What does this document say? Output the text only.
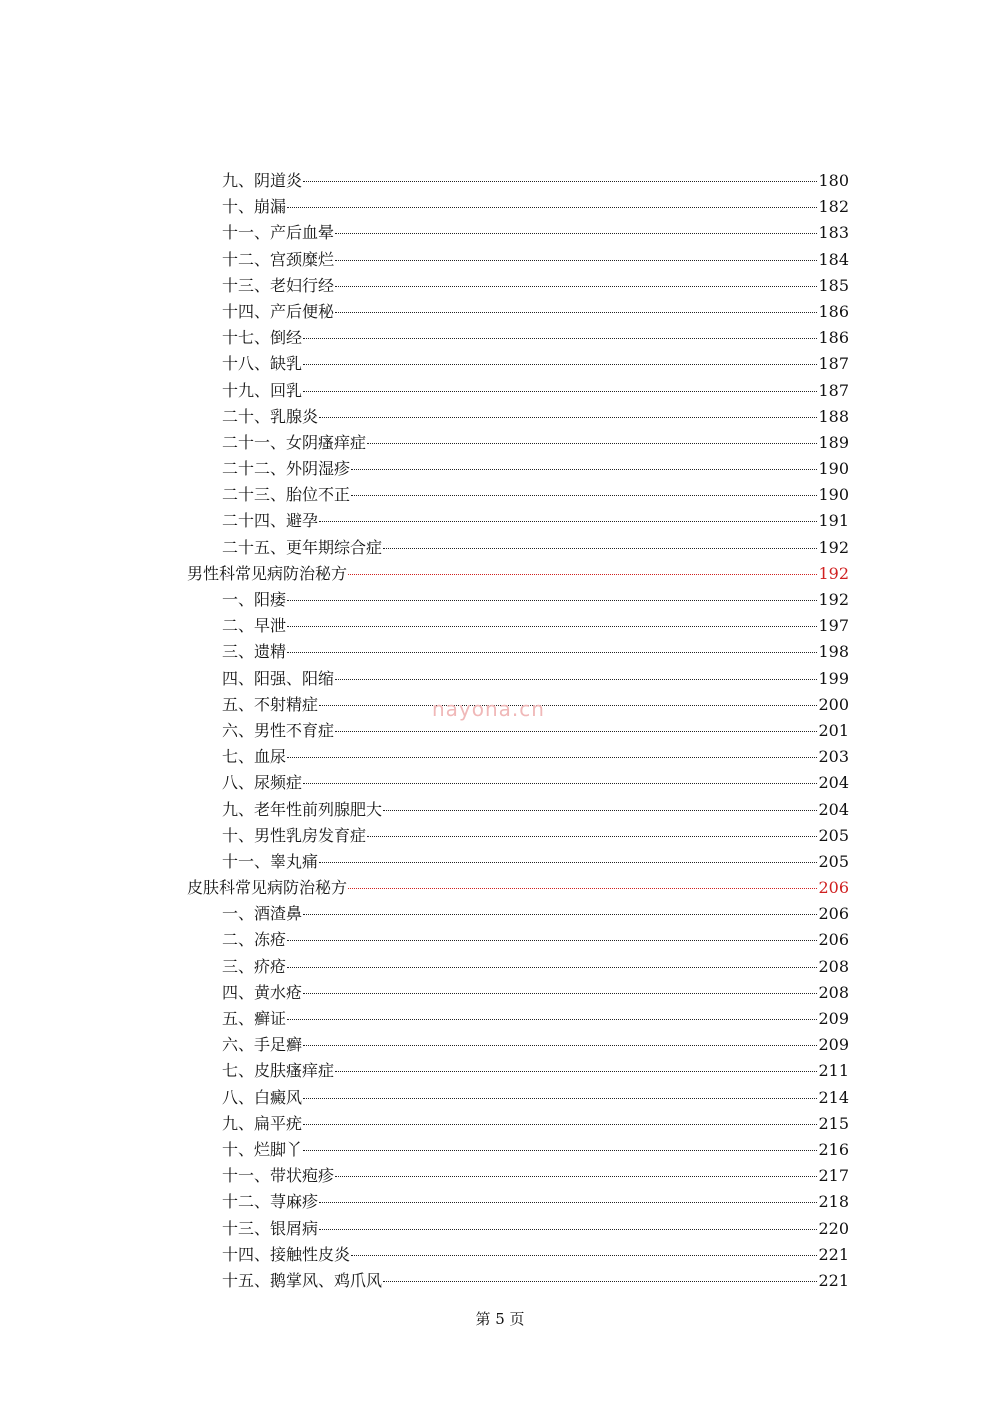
九、阴道炎	180
十、崩漏	182
十一、产后血晕	183
十二、宫颈糜烂	184
十三、老妇行经	185
十四、产后便秘	186
十七、倒经	186
十八、缺乳	187
十九、回乳	187
二十、乳腺炎	188
二十一、女阴瘙痒症	189
二十二、外阴湿疹	190
二十三、胎位不正	190
二十四、避孕	191
二十五、更年期综合症	192
男性科常见病防治秘方	192
一、阳痿	192
二、早泄	197
三、遗精	198
四、阳强、阳缩	199
五、不射精症	200
六、男性不育症	201
七、血尿	203
八、尿频症	204
九、老年性前列腺肥大	204
十、男性乳房发育症	205
十一、睾丸痛	205
皮肤科常见病防治秘方	206
一、酒渣鼻	206
二、冻疮	206
三、疥疮	208
四、黄水疮	208
五、癣证	209
六、手足癣	209
七、皮肤瘙痒症	211
八、白癜风	214
九、扁平疣	215
十、烂脚丫	216
十一、带状疱疹	217
十二、荨麻疹	218
十三、银屑病	220
十四、接触性皮炎	221
十五、鹅掌风、鸡爪风	221
nayona.cn
第 5 页
